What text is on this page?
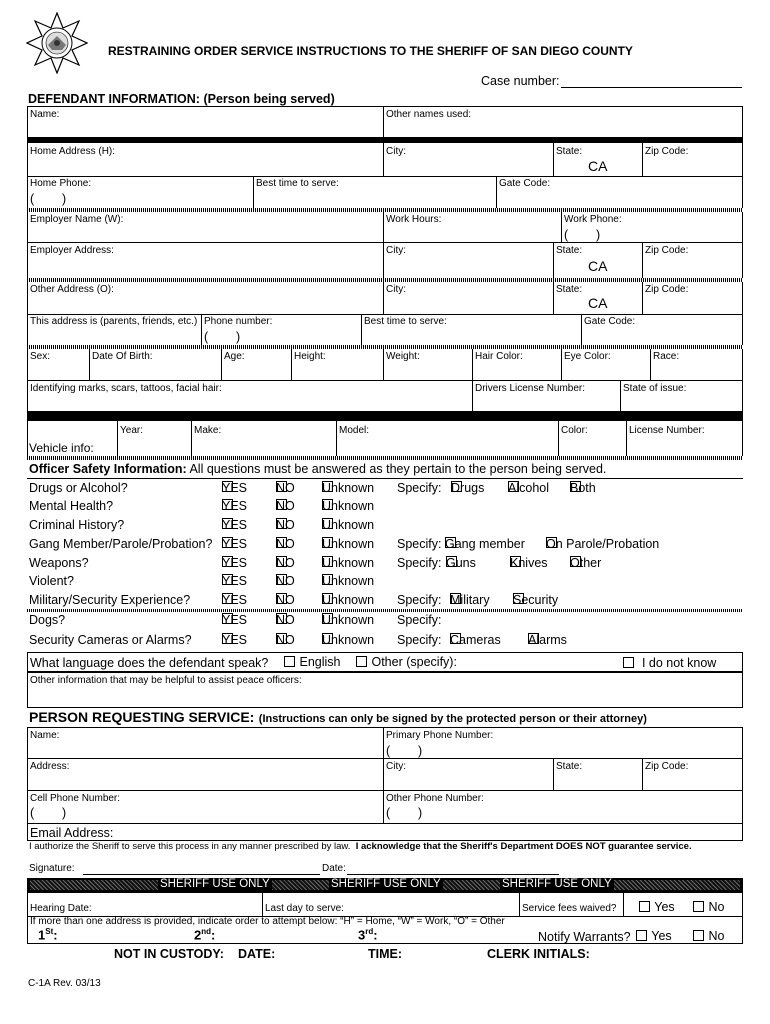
RESTRAINING ORDER SERVICE INSTRUCTIONS TO THE SHERIFF OF SAN DIEGO COUNTY
Case number:
DEFENDANT INFORMATION: (Person being served)
Name:	Other names used:
Home Address (H):	City:	State:	Zip Code:
CA
Home Phone:	Best time to serve:	Gate Code:
(        )
Employer Name (W):	Work Hours:	Work Phone:
(        )
Employer Address:	City:	State:	Zip Code:
CA
Other Address (O):	City:	State:	Zip Code:
CA
This address is (parents, friends, etc.) Phone number:	Best time to serve:	Gate Code:
(        )
Sex:	Date Of Birth:	Age:	Height:	Weight:	Hair Color:	Eye Color:	Race:
Identifying marks, scars, tattoos, facial hair:	Drivers License Number:	State of issue:
Year:	Make:	Model:	Color:	License Number:
Vehicle info:
Officer Safety Information: All questions must be answered as they pertain to the person being served.
Drugs or Alcohol?	YES NO Unknown Specify: Drugs Alcohol Both
Mental Health?	YES NO Unknown
Criminal History?	YES NO Unknown
Gang Member/Parole/Probation? YES NO Unknown Specify: Gang member On Parole/Probation
Weapons?	YES NO Unknown Specify: Guns	Knives Other
Violent?	YES NO Unknown
Military/Security Experience?	YES NO Unknown Specify: Military Security
Dogs?	YES NO Unknown Specify:
Security Cameras or Alarms? YES NO Unknown Specify: Cameras Alarms
What language does the defendant speak?	English	Other (specify):	I do not know
Other information that may be helpful to assist peace officers:
PERSON REQUESTING SERVICE: (Instructions can only be signed by the protected person or their attorney)
Name:	Primary Phone Number:
(        )
Address:	City:	State:	Zip Code:
Cell Phone Number:	Other Phone Number:
(        )	(        )
Email Address:
I authorize the Sheriff to serve this process in any manner prescribed by law. I acknowledge that the Sheriff's Department DOES NOT guarantee service.
Signature:	Date:
SHERIFF USE ONLY	SHERIFF USE ONLY	SHERIFF USE ONLY
Hearing Date:	Last day to serve:	Service fees waived?	Yes	No
If more than one address is provided, indicate order to attempt below: “H” = Home, “W” = Work, “O” = Other
1St:	2nd:	3rd:	Notify Warrants?	Yes	No
NOT IN CUSTODY: DATE:	TIME:	CLERK INITIALS:
C-1A Rev. 03/13
